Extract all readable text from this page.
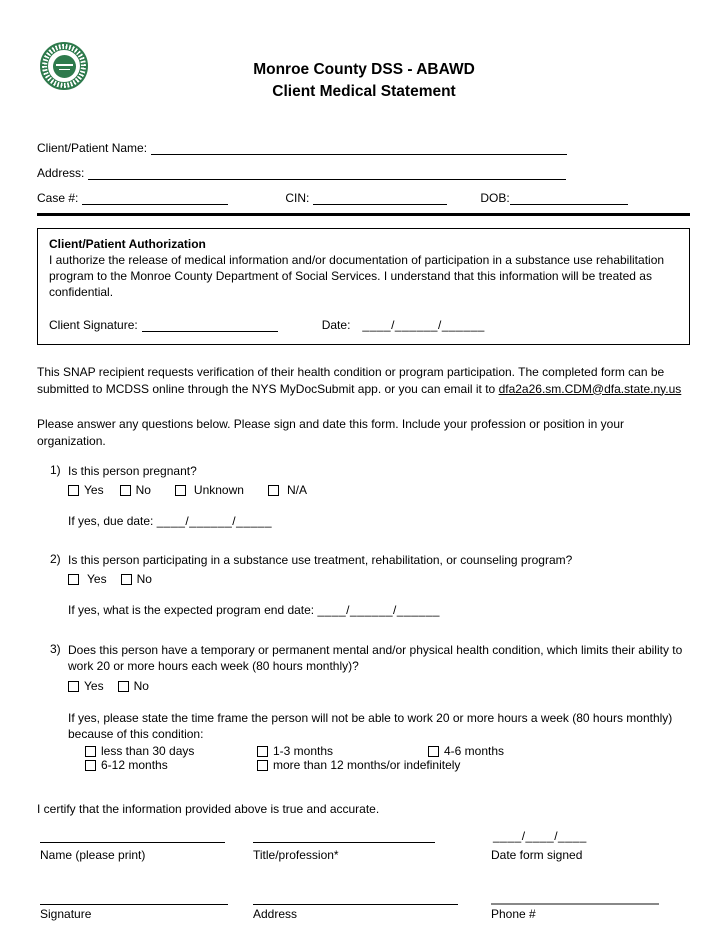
Monroe County DSS - ABAWD
Client Medical Statement
Client/Patient Name:
Address:
Case #:	CIN:	DOB:
Client/Patient Authorization
I authorize the release of medical information and/or documentation of participation in a substance use rehabilitation program to the Monroe County Department of Social Services. I understand that this information will be treated as confidential.
Client Signature:	Date:	____/______/______
This SNAP recipient requests verification of their health condition or program participation. The completed form can be submitted to MCDSS online through the NYS MyDocSubmit app. or you can email it to dfa2a26.sm.CDM@dfa.state.ny.us
Please answer any questions below. Please sign and date this form. Include your profession or position in your organization.
1) Is this person pregnant?
Yes	No	Unknown	N/A
If yes, due date: ____/______/_____
2) Is this person participating in a substance use treatment, rehabilitation, or counseling program?
Yes	No
If yes, what is the expected program end date: ____/______/______
3) Does this person have a temporary or permanent mental and/or physical health condition, which limits their ability to work 20 or more hours each week (80 hours monthly)?
Yes	No
If yes, please state the time frame the person will not be able to work 20 or more hours a week (80 hours monthly) because of this condition:
less than 30 days	1-3 months	4-6 months
6-12 months	more than 12 months/or indefinitely
I certify that the information provided above is true and accurate.
____/____/____
Name (please print)	Title/profession*	Date form signed
Signature	Address	Phone #
